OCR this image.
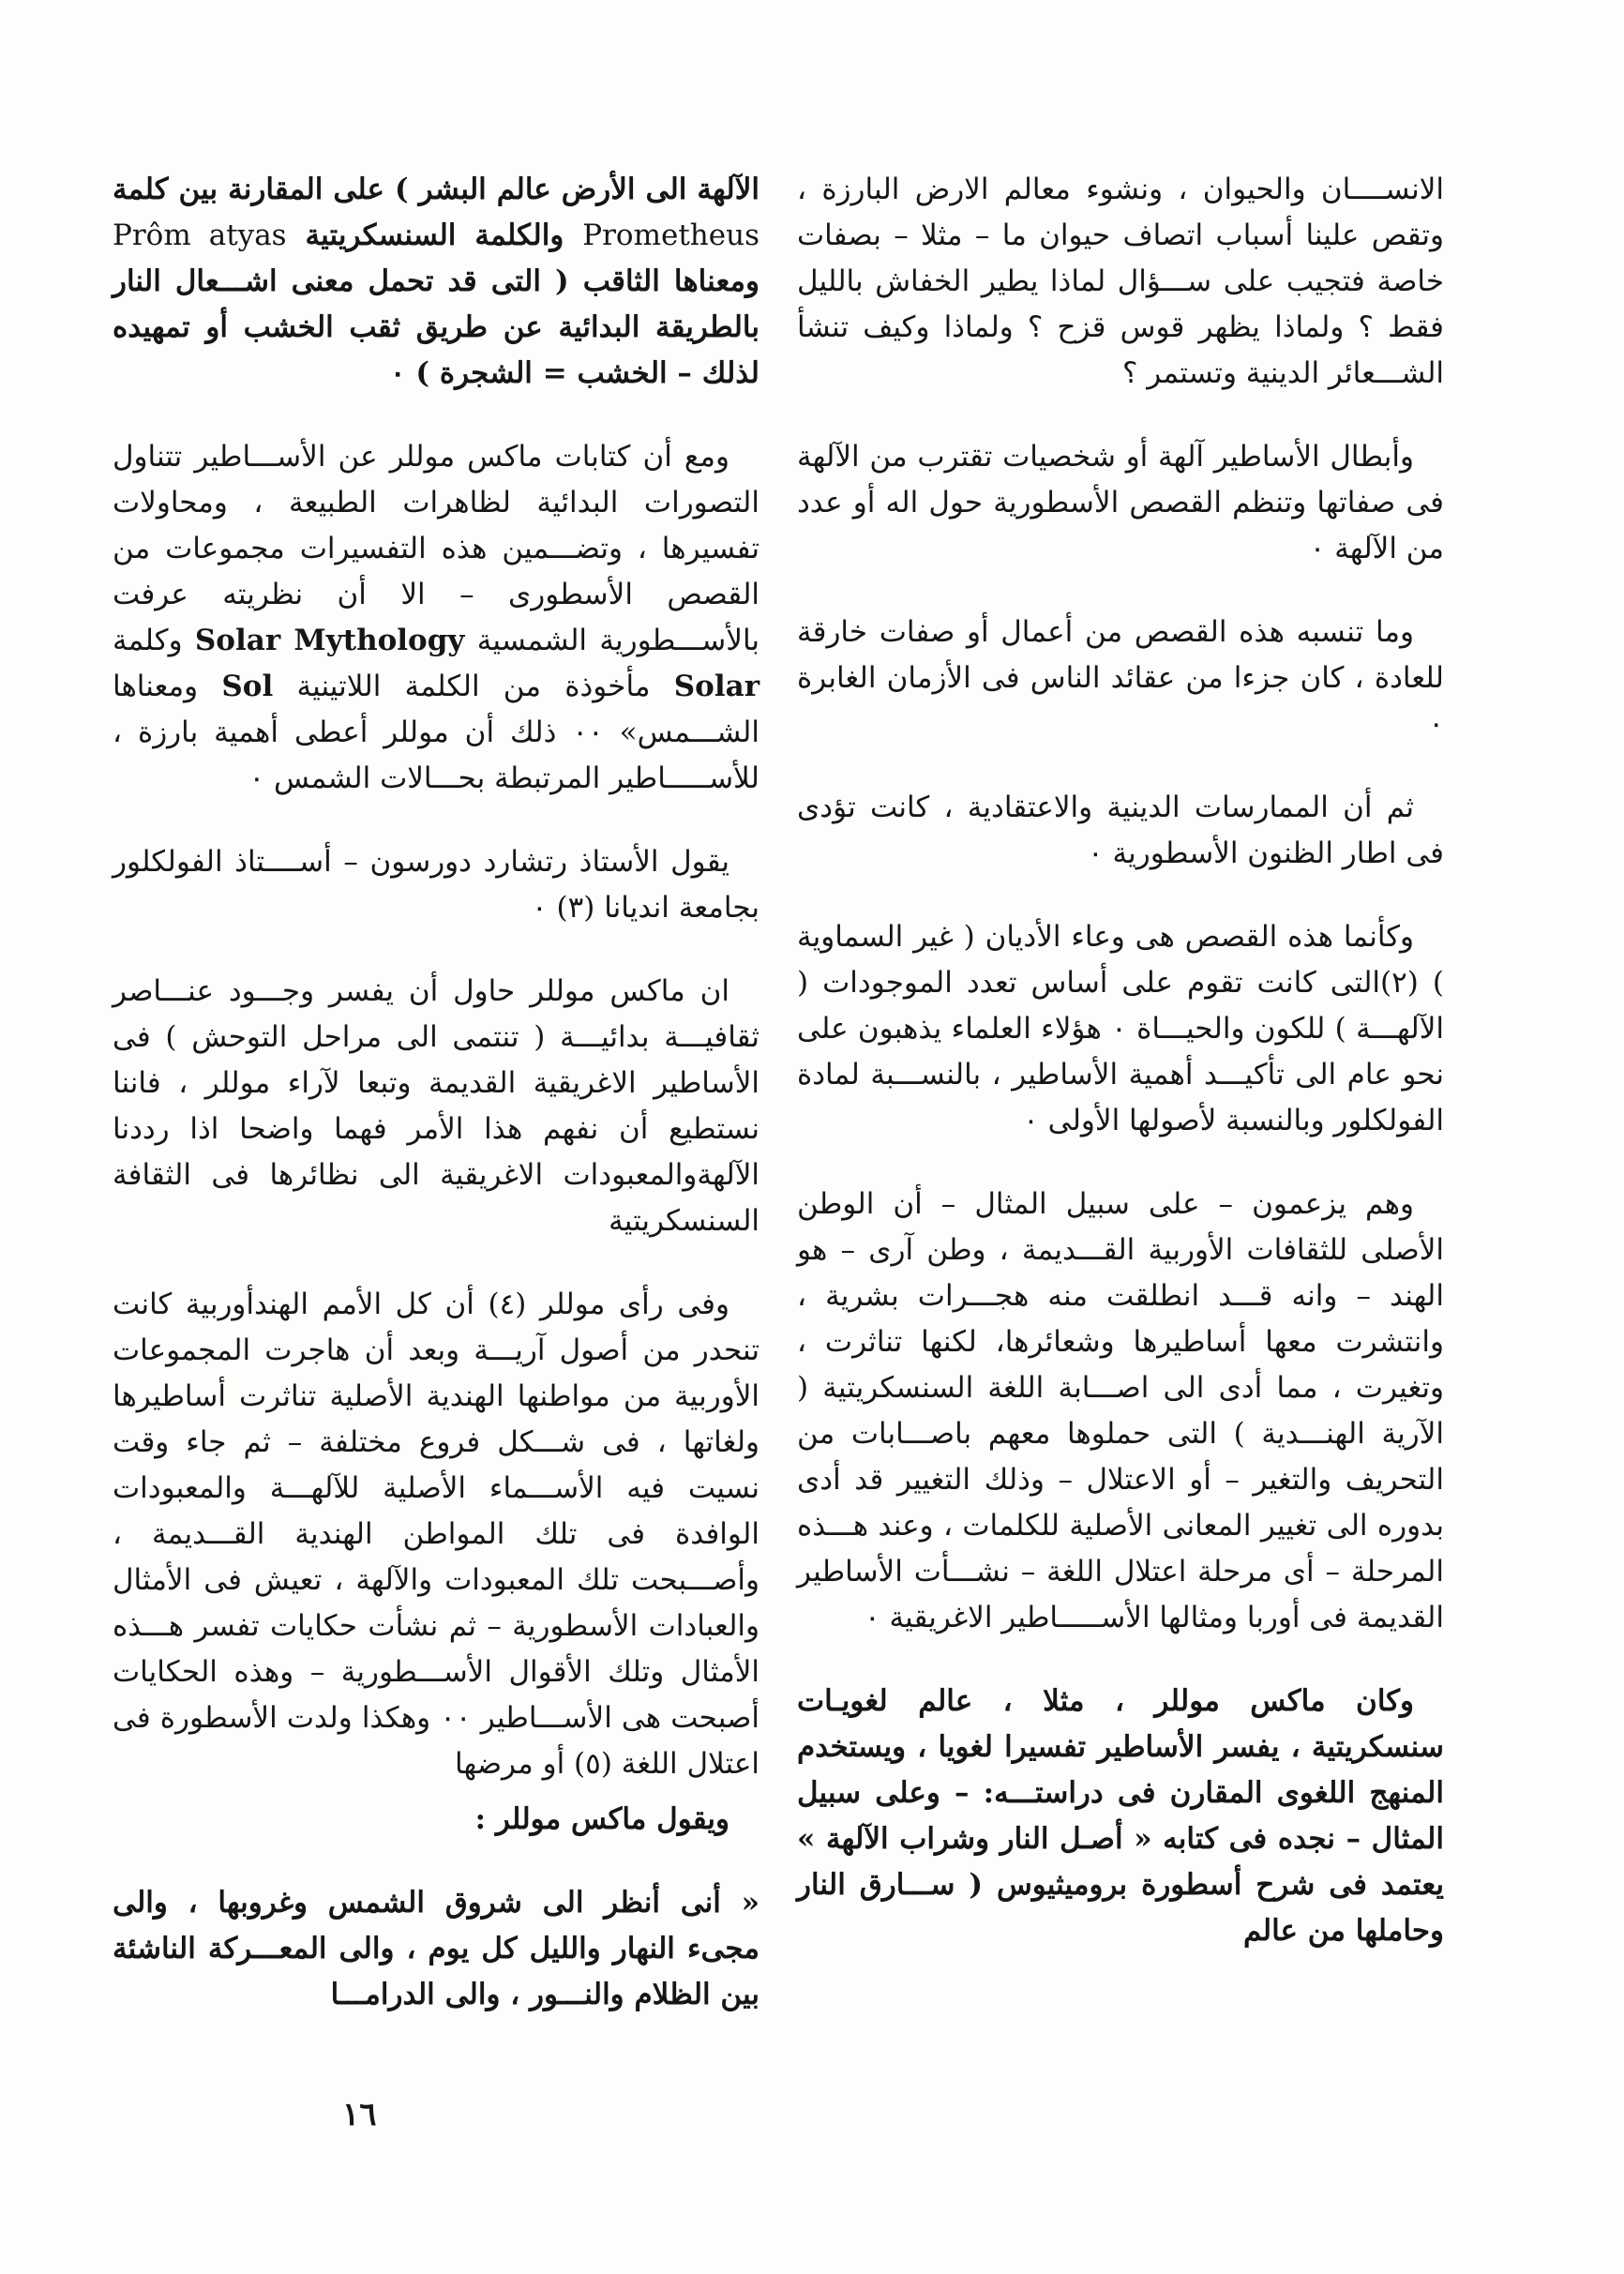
الانســــان والحيوان ، ونشوء معالم الارض البارزة ، وتقص علينا أسباب اتصاف حيوان ما – مثلا – بصفات خاصة فتجيب على ســـؤال لماذا يطير الخفاش بالليل فقط ؟ ولماذا يظهر قوس قزح ؟ ولماذا وكيف تنشأ الشـــعائر الدينية وتستمر ؟

وأبطال الأساطير آلهة أو شخصيات تقترب من الآلهة فى صفاتها وتنظم القصص الأسطورية حول اله أو عدد من الآلهة ٠

وما تنسبه هذه القصص من أعمال أو صفات خارقة للعادة ، كان جزءا من عقائد الناس فى الأزمان الغابرة ٠

ثم أن الممارسات الدينية والاعتقادية ، كانت تؤدى فى اطار الظنون الأسطورية ٠

وكأنما هذه القصص هى وعاء الأديان ( غير السماوية ) (٢)التى كانت تقوم على أساس تعدد الموجودات ( الآلهـــة ) للكون والحيـــاة ٠ هؤلاء العلماء يذهبون على نحو عام الى تأكيـــد أهمية الأساطير ، بالنســـبة لمادة الفولكلور وبالنسبة لأصولها الأولى ٠

وهم يزعمون – على سبيل المثال – أن الوطن الأصلى للثقافات الأوربية القـــديمة ، وطن آرى – هو الهند – وانه قـــد انطلقت منه هجـــرات بشرية ، وانتشرت معها أساطيرها وشعائرها، لكنها تناثرت ، وتغيرت ، مما أدى الى اصـــابة اللغة السنسكريتية ( الآرية الهنـــدية ) التى حملوها معهم باصـــابات من التحريف والتغير – أو الاعتلال – وذلك التغيير قد أدى بدوره الى تغيير المعانى الأصلية للكلمات ، وعند هـــذه المرحلة – أى مرحلة اعتلال اللغة – نشـــأت الأساطير القديمة فى أوربا ومثالها الأســـــاطير الاغريقية ٠

وكان ماكس موللر ، مثلا ، عالم لغويـات سنسكريتية ، يفسر الأساطير تفسيرا لغويا ، ويستخدم المنهج اللغوى المقارن فى دراستـــه: – وعلى سبيل المثال – نجده فى كتابه « أصـل النار وشراب الآلهة » يعتمد فى شرح أسطورة بروميثيوس ( ســـارق النار وحاملها من عالم

الآلهة الى الأرض عالم البشر ) على المقارنة بين كلمة Prometheus والكلمة السنسكريتية Prôm atyas ومعناها الثاقب ( التى قد تحمل معنى اشـــعال النار بالطريقة البدائية عن طريق ثقب الخشب أو تمهيده لذلك – الخشب = الشجرة ) ٠

ومع أن كتابات ماكس موللر عن الأســـاطير تتناول التصورات البدائية لظاهرات الطبيعة ، ومحاولات تفسيرها ، وتضـــمين هذه التفسيرات مجموعات من القصص الأسطورى – الا أن نظريته عرفت بالأســـطورية الشمسية Solar Mythology وكلمة Solar مأخوذة من الكلمة اللاتينية Sol ومعناها الشـــمس» ٠٠ ذلك أن موللر أعطى أهمية بارزة ، للأســـــاطير المرتبطة بحـــالات الشمس ٠

يقول الأستاذ رتشارد دورسون – أســــتاذ الفولكلور بجامعة انديانا (٣) ٠

ان ماكس موللر حاول أن يفسر وجـــود عنـــاصر ثقافيـــة بدائيـــة ( تنتمى الى مراحل التوحش ) فى الأساطير الاغريقية القديمة وتبعا لآراء موللر ، فاننا نستطيع أن نفهم هذا الأمر فهما واضحا اذا رددنا الآلهةوالمعبودات الاغريقية الى نظائرها فى الثقافة السنسكريتية

وفى رأى موللر (٤) أن كل الأمم الهندأوربية كانت تنحدر من أصول آريـــة وبعد أن هاجرت المجموعات الأوربية من مواطنها الهندية الأصلية تناثرت أساطيرها ولغاتها ، فى شـــكل فروع مختلفة – ثم جاء وقت نسيت فيه الأســـماء الأصلية للآلهـــة والمعبودات الوافدة فى تلك المواطن الهندية القـــديمة ، وأصـــبحت تلك المعبودات والآلهة ، تعيش فى الأمثال والعبادات الأسطورية – ثم نشأت حكايات تفسر هـــذه الأمثال وتلك الأقوال الأســـطورية – وهذه الحكايات أصبحت هى الأســـاطير ٠٠ وهكذا ولدت الأسطورة فى اعتلال اللغة (٥) أو مرضها

ويقول ماكس موللر :

« أنى أنظر الى شروق الشمس وغروبها ، والى مجىء النهار والليل كل يوم ، والى المعـــركة الناشئة بين الظلام والنـــور ، والى الدرامـــا

١٦
